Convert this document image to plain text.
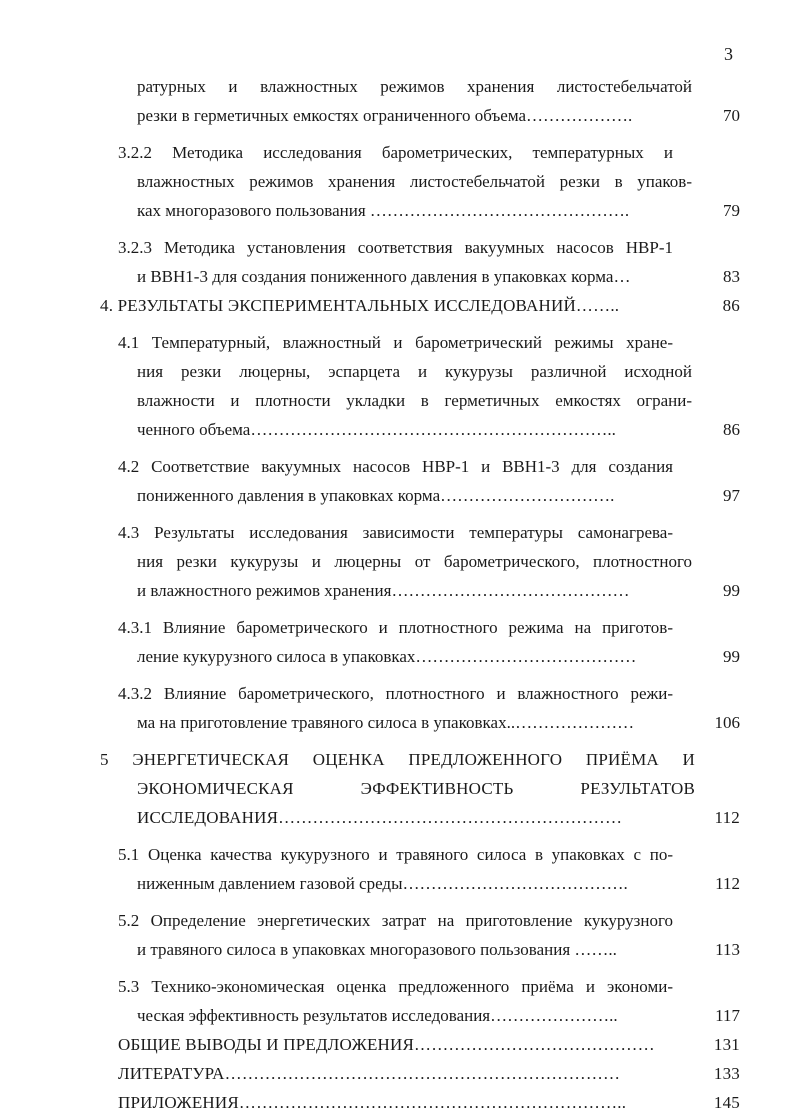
3
ратурных и влажностных режимов хранения листостебельчатой
резки в герметичных емкостях ограниченного объема……………….	70
3.2.2 Методика исследования барометрических, температурных и
влажностных режимов хранения листостебельчатой резки в упаков-
ках многоразового пользования ……………………………………….	79
3.2.3 Методика установления соответствия вакуумных насосов НВР-1
и ВВН1-3 для создания пониженного давления в упаковках корма…	83
4. РЕЗУЛЬТАТЫ ЭКСПЕРИМЕНТАЛЬНЫХ ИССЛЕДОВАНИЙ……..	86
4.1 Температурный, влажностный и барометрический режимы хране-
ния резки люцерны, эспарцета и кукурузы различной исходной
влажности и плотности укладки в герметичных емкостях ограни-
ченного объема………………………………………………………..	86
4.2 Соответствие вакуумных насосов НВР-1 и ВВН1-3 для создания
пониженного давления в упаковках корма………………………….	97
4.3 Результаты исследования зависимости температуры самонагрева-
ния резки кукурузы и люцерны от барометрического, плотностного
и влажностного режимов хранения……………………………………	99
4.3.1 Влияние барометрического и плотностного режима на приготов-
ление кукурузного силоса в упаковках…………………………………	99
4.3.2 Влияние барометрического, плотностного и влажностного режи-
ма на приготовление травяного силоса в упаковках..…………………	106
5 ЭНЕРГЕТИЧЕСКАЯ ОЦЕНКА ПРЕДЛОЖЕННОГО ПРИЁМА И
ЭКОНОМИЧЕСКАЯ ЭФФЕКТИВНОСТЬ РЕЗУЛЬТАТОВ
ИССЛЕДОВАНИЯ……………………………………………………	112
5.1 Оценка качества кукурузного и травяного силоса в упаковках с по-
ниженным давлением газовой среды………………………………….	112
5.2 Определение энергетических затрат на приготовление кукурузного
и травяного силоса в упаковках многоразового пользования ……..	113
5.3 Технико-экономическая оценка предложенного приёма и экономи-
ческая эффективность результатов исследования…………………..	117
ОБЩИЕ ВЫВОДЫ И ПРЕДЛОЖЕНИЯ……………………………………	131
ЛИТЕРАТУРА……………………………………………………………	133
ПРИЛОЖЕНИЯ…………………………………………………………..	145
